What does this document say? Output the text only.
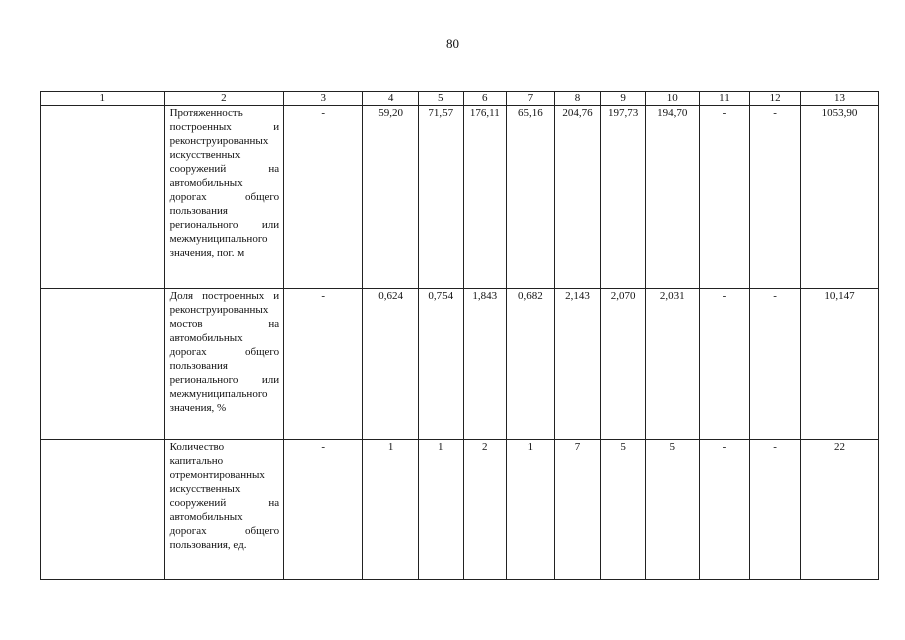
80
1	2	3	4	5	6	7	8	9	10	11	12	13
	Протяженность построенных и реконструированных искусственных сооружений на автомобильных дорогах общего пользования регионального или межмуниципального значения, пог. м	-	59,20	71,57	176,11	65,16	204,76	197,73	194,70	-	-	1053,90
	Доля построенных и реконструированных мостов на автомобильных дорогах общего пользования регионального или межмуниципального значения, %	-	0,624	0,754	1,843	0,682	2,143	2,070	2,031	-	-	10,147
	Количество капитально отремонтированных искусственных сооружений на автомобильных дорогах общего пользования, ед.	-	1	1	2	1	7	5	5	-	-	22
